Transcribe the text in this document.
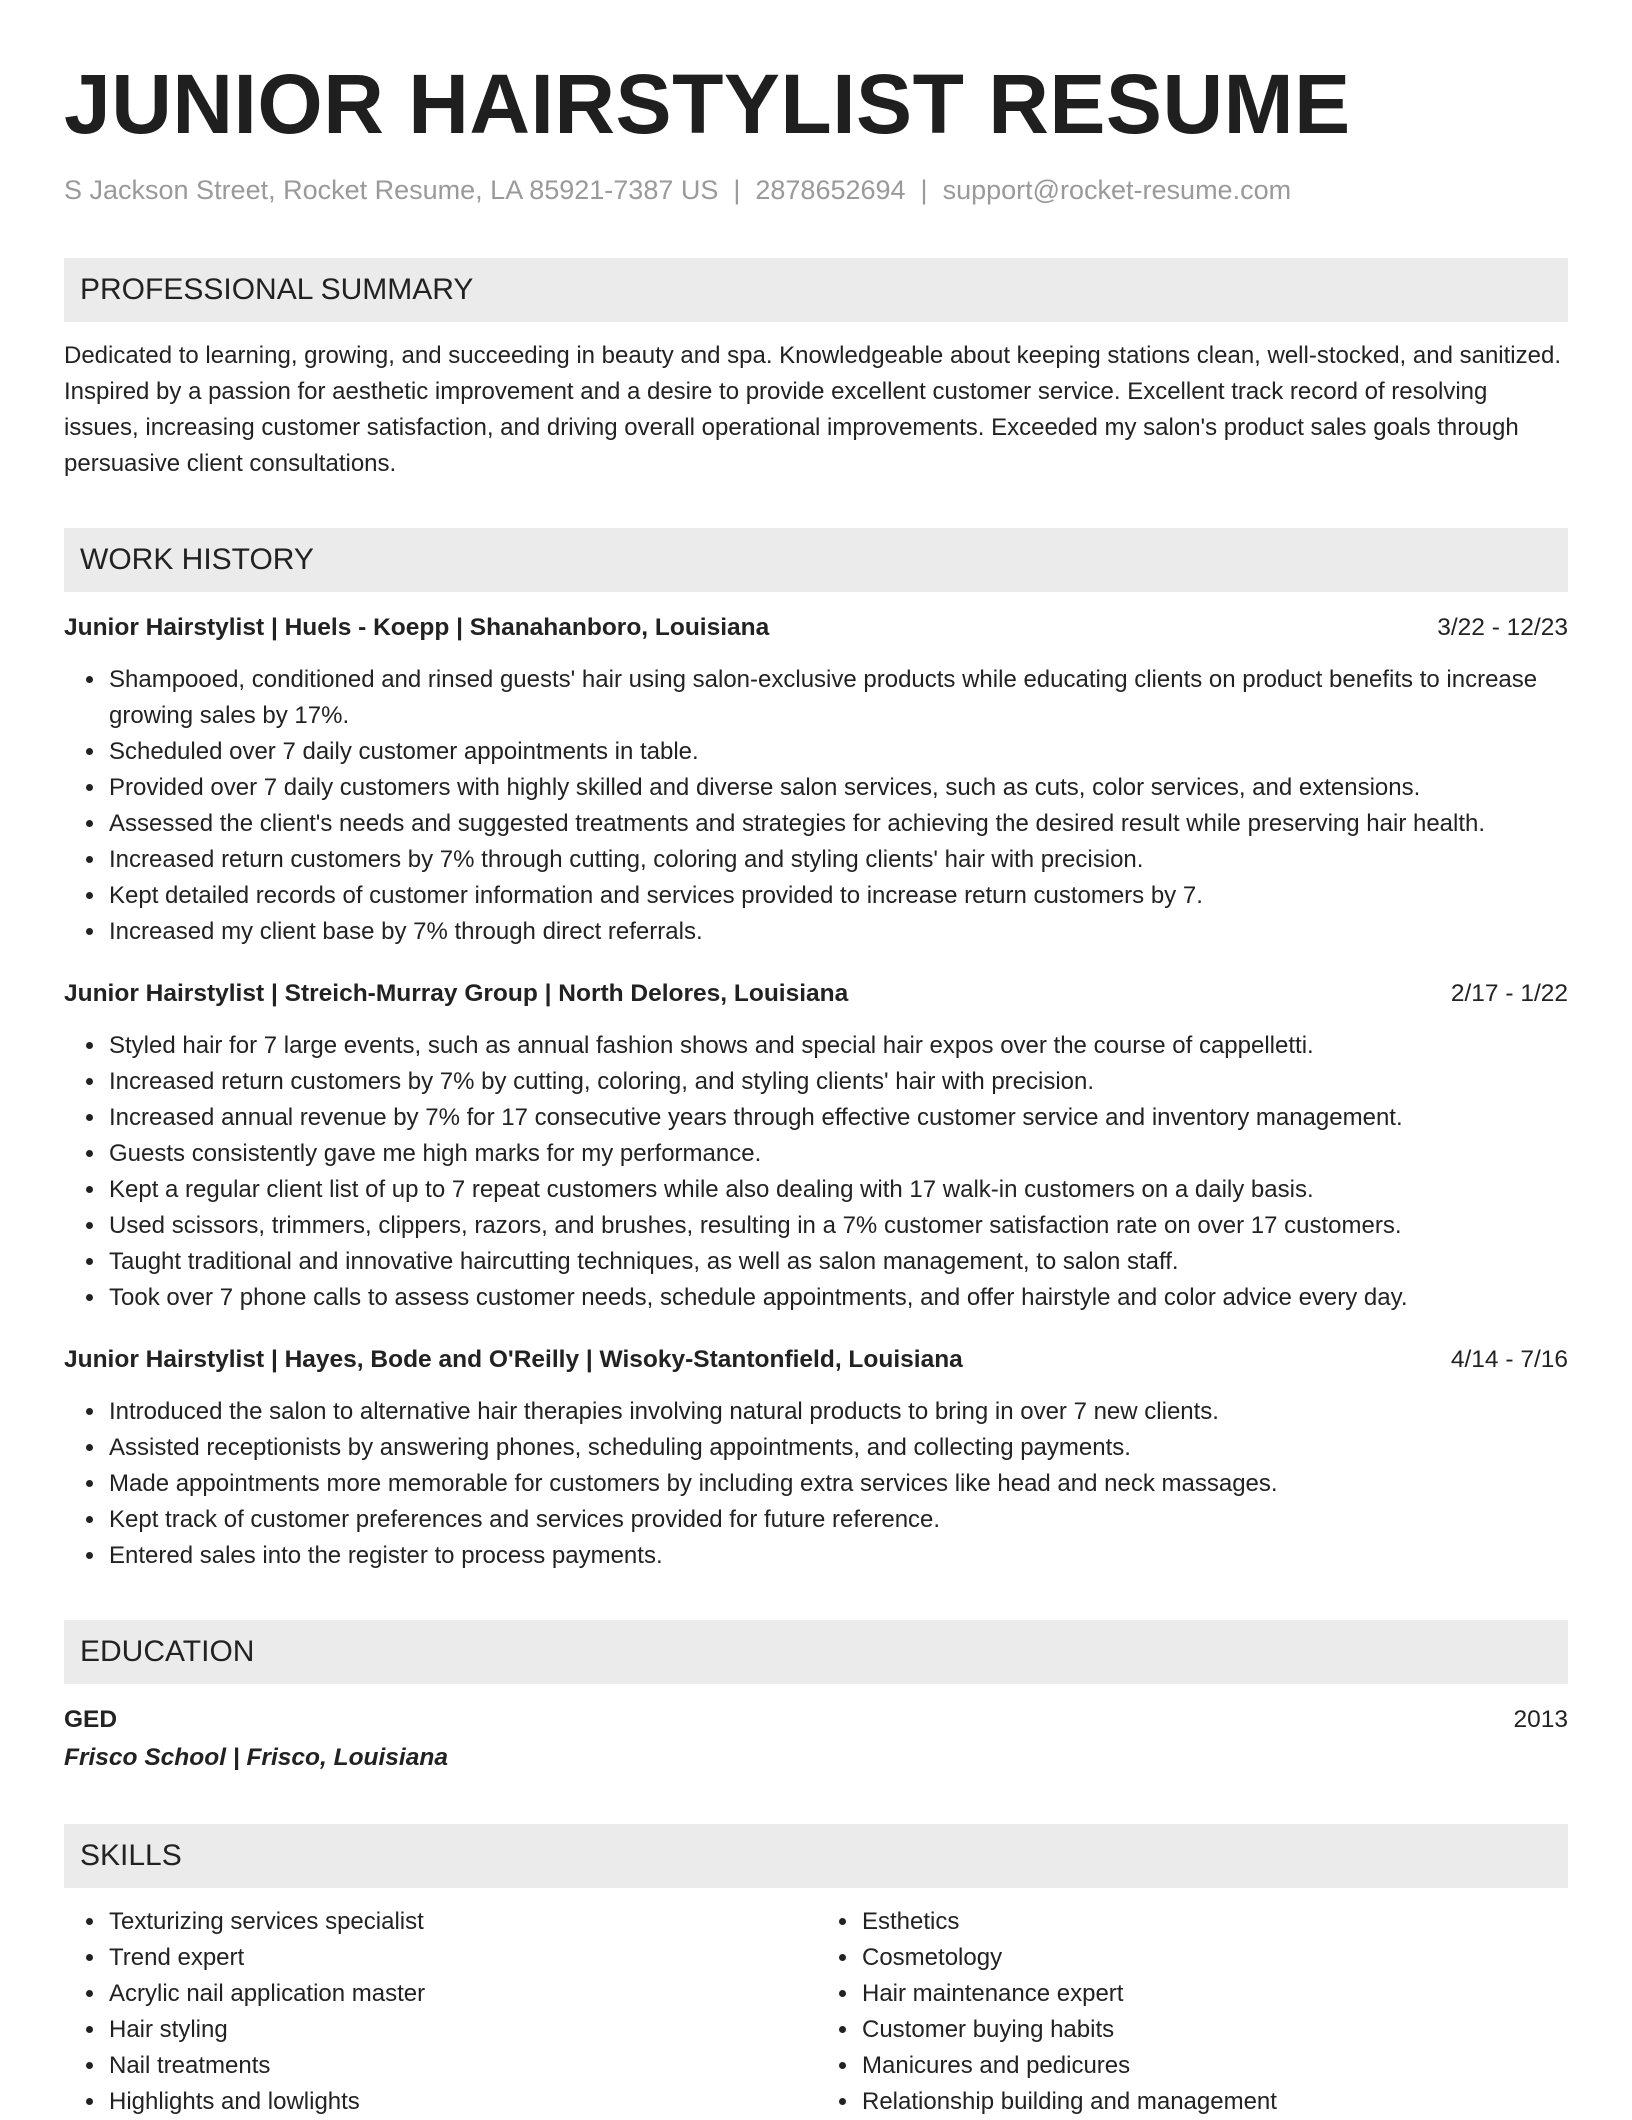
JUNIOR HAIRSTYLIST RESUME
S Jackson Street, Rocket Resume, LA 85921-7387 US | 2878652694 | support@rocket-resume.com
PROFESSIONAL SUMMARY
Dedicated to learning, growing, and succeeding in beauty and spa. Knowledgeable about keeping stations clean, well-stocked, and sanitized. Inspired by a passion for aesthetic improvement and a desire to provide excellent customer service. Excellent track record of resolving issues, increasing customer satisfaction, and driving overall operational improvements. Exceeded my salon's product sales goals through persuasive client consultations.
WORK HISTORY
Junior Hairstylist | Huels - Koepp | Shanahanboro, Louisiana	3/22 - 12/23
• Shampooed, conditioned and rinsed guests' hair using salon-exclusive products while educating clients on product benefits to increase growing sales by 17%.
• Scheduled over 7 daily customer appointments in table.
• Provided over 7 daily customers with highly skilled and diverse salon services, such as cuts, color services, and extensions.
• Assessed the client's needs and suggested treatments and strategies for achieving the desired result while preserving hair health.
• Increased return customers by 7% through cutting, coloring and styling clients' hair with precision.
• Kept detailed records of customer information and services provided to increase return customers by 7.
• Increased my client base by 7% through direct referrals.
Junior Hairstylist | Streich-Murray Group | North Delores, Louisiana	2/17 - 1/22
• Styled hair for 7 large events, such as annual fashion shows and special hair expos over the course of cappelletti.
• Increased return customers by 7% by cutting, coloring, and styling clients' hair with precision.
• Increased annual revenue by 7% for 17 consecutive years through effective customer service and inventory management.
• Guests consistently gave me high marks for my performance.
• Kept a regular client list of up to 7 repeat customers while also dealing with 17 walk-in customers on a daily basis.
• Used scissors, trimmers, clippers, razors, and brushes, resulting in a 7% customer satisfaction rate on over 17 customers.
• Taught traditional and innovative haircutting techniques, as well as salon management, to salon staff.
• Took over 7 phone calls to assess customer needs, schedule appointments, and offer hairstyle and color advice every day.
Junior Hairstylist | Hayes, Bode and O'Reilly | Wisoky-Stantonfield, Louisiana	4/14 - 7/16
• Introduced the salon to alternative hair therapies involving natural products to bring in over 7 new clients.
• Assisted receptionists by answering phones, scheduling appointments, and collecting payments.
• Made appointments more memorable for customers by including extra services like head and neck massages.
• Kept track of customer preferences and services provided for future reference.
• Entered sales into the register to process payments.
EDUCATION
GED	2013
Frisco School | Frisco, Louisiana
SKILLS
• Texturizing services specialist
• Trend expert
• Acrylic nail application master
• Hair styling
• Nail treatments
• Highlights and lowlights
• Esthetics
• Cosmetology
• Hair maintenance expert
• Customer buying habits
• Manicures and pedicures
• Relationship building and management
